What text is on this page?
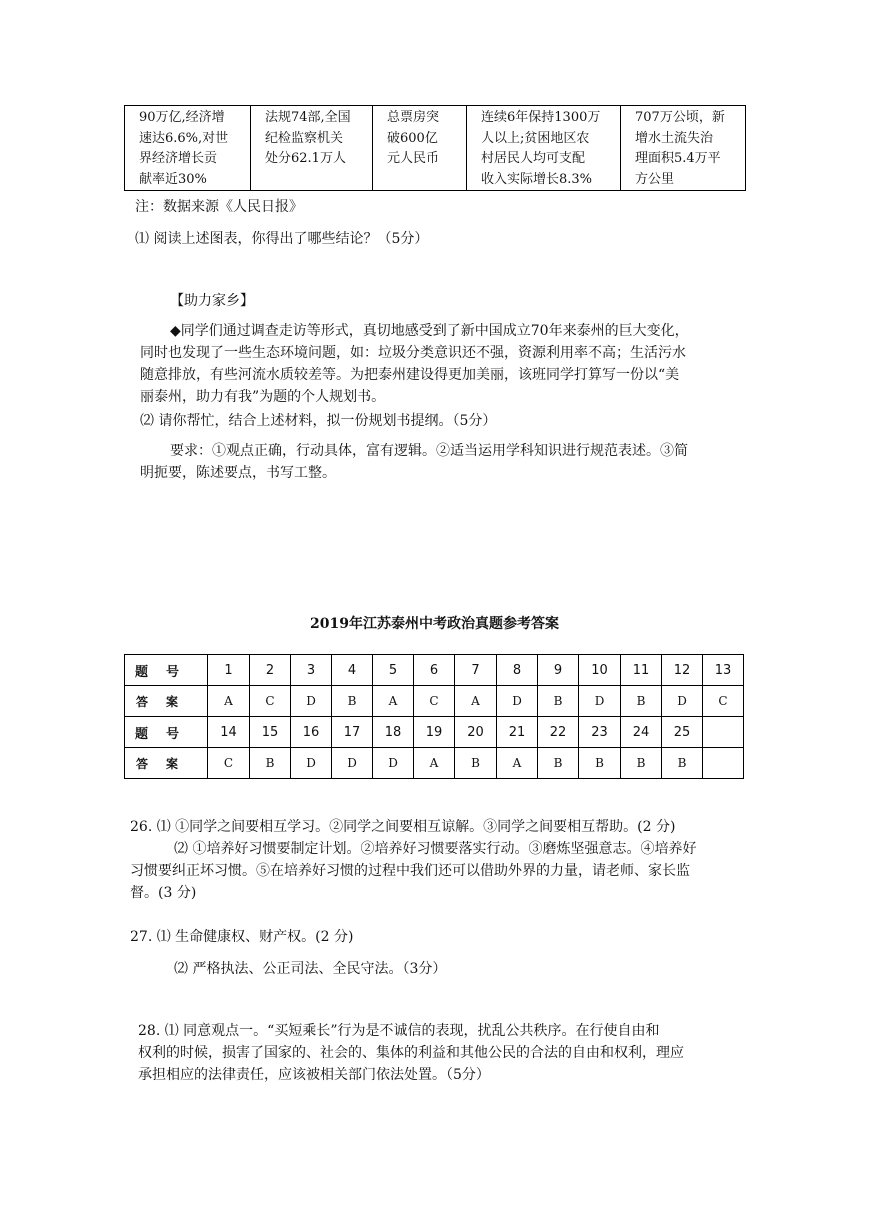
90万亿,经济增
速达6.6%,对世
界经济增长贡
献率近30%

法规74部,全国
纪检监察机关
处分62.1万人

总票房突
破600亿
元人民币

连续6年保持1300万
人以上;贫困地区农
村居民人均可支配
收入实际增长8.3%

707万公顷，新
增水土流失治
理面积5.4万平
方公里
注：数据来源《人民日报》
⑴ 阅读上述图表，你得出了哪些结论？（5分）
【助力家乡】
◆同学们通过调查走访等形式，真切地感受到了新中国成立70年来泰州的巨大变化，
同时也发现了一些生态环境问题，如：垃圾分类意识还不强，资源利用率不高；生活污水
随意排放，有些河流水质较差等。为把泰州建设得更加美丽，该班同学打算写一份以“美
丽泰州，助力有我”为题的个人规划书。
⑵ 请你帮忙，结合上述材料，拟一份规划书提纲。（5分）
要求：①观点正确，行动具体，富有逻辑。②适当运用学科知识进行规范表述。③简
明扼要，陈述要点，书写工整。
2019年江苏泰州中考政治真题参考答案
题号	1	2	3	4	5	6	7	8	9	10	11	12	13
答案	A	C	D	B	A	C	A	D	B	D	B	D	C
题号	14	15	16	17	18	19	20	21	22	23	24	25	
答案	C	B	D	D	D	A	B	A	B	B	B	B	
26. ⑴ ①同学之间要相互学习。②同学之间要相互谅解。③同学之间要相互帮助。(2 分)
⑵ ①培养好习惯要制定计划。②培养好习惯要落实行动。③磨炼坚强意志。④培养好
习惯要纠正坏习惯。⑤在培养好习惯的过程中我们还可以借助外界的力量，请老师、家长监
督。(3 分)
27. ⑴ 生命健康权、财产权。(2 分)
⑵ 严格执法、公正司法、全民守法。（3分）
28. ⑴ 同意观点一。“买短乘长”行为是不诚信的表现，扰乱公共秩序。在行使自由和
权利的时候，损害了国家的、社会的、集体的利益和其他公民的合法的自由和权利，理应
承担相应的法律责任，应该被相关部门依法处置。（5分）
